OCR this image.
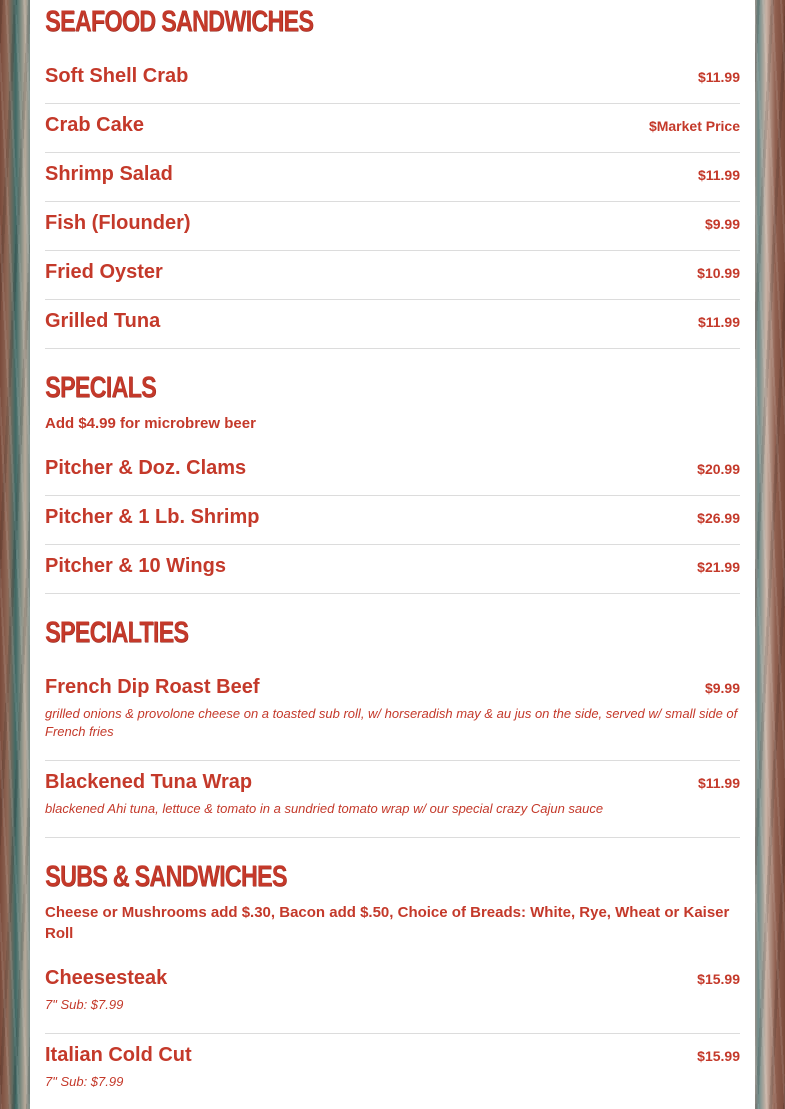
SEAFOOD SANDWICHES
Soft Shell Crab	$11.99
Crab Cake	$Market Price
Shrimp Salad	$11.99
Fish (Flounder)	$9.99
Fried Oyster	$10.99
Grilled Tuna	$11.99
SPECIALS
Add $4.99 for microbrew beer
Pitcher & Doz. Clams	$20.99
Pitcher & 1 Lb. Shrimp	$26.99
Pitcher & 10 Wings	$21.99
SPECIALTIES
French Dip Roast Beef	$9.99
grilled onions & provolone cheese on a toasted sub roll, w/ horseradish may & au jus on the side, served w/ small side of French fries
Blackened Tuna Wrap	$11.99
blackened Ahi tuna, lettuce & tomato in a sundried tomato wrap w/ our special crazy Cajun sauce
SUBS & SANDWICHES
Cheese or Mushrooms add $.30, Bacon add $.50, Choice of Breads: White, Rye, Wheat or Kaiser Roll
Cheesesteak	$15.99
7" Sub: $7.99
Italian Cold Cut	$15.99
7" Sub: $7.99
